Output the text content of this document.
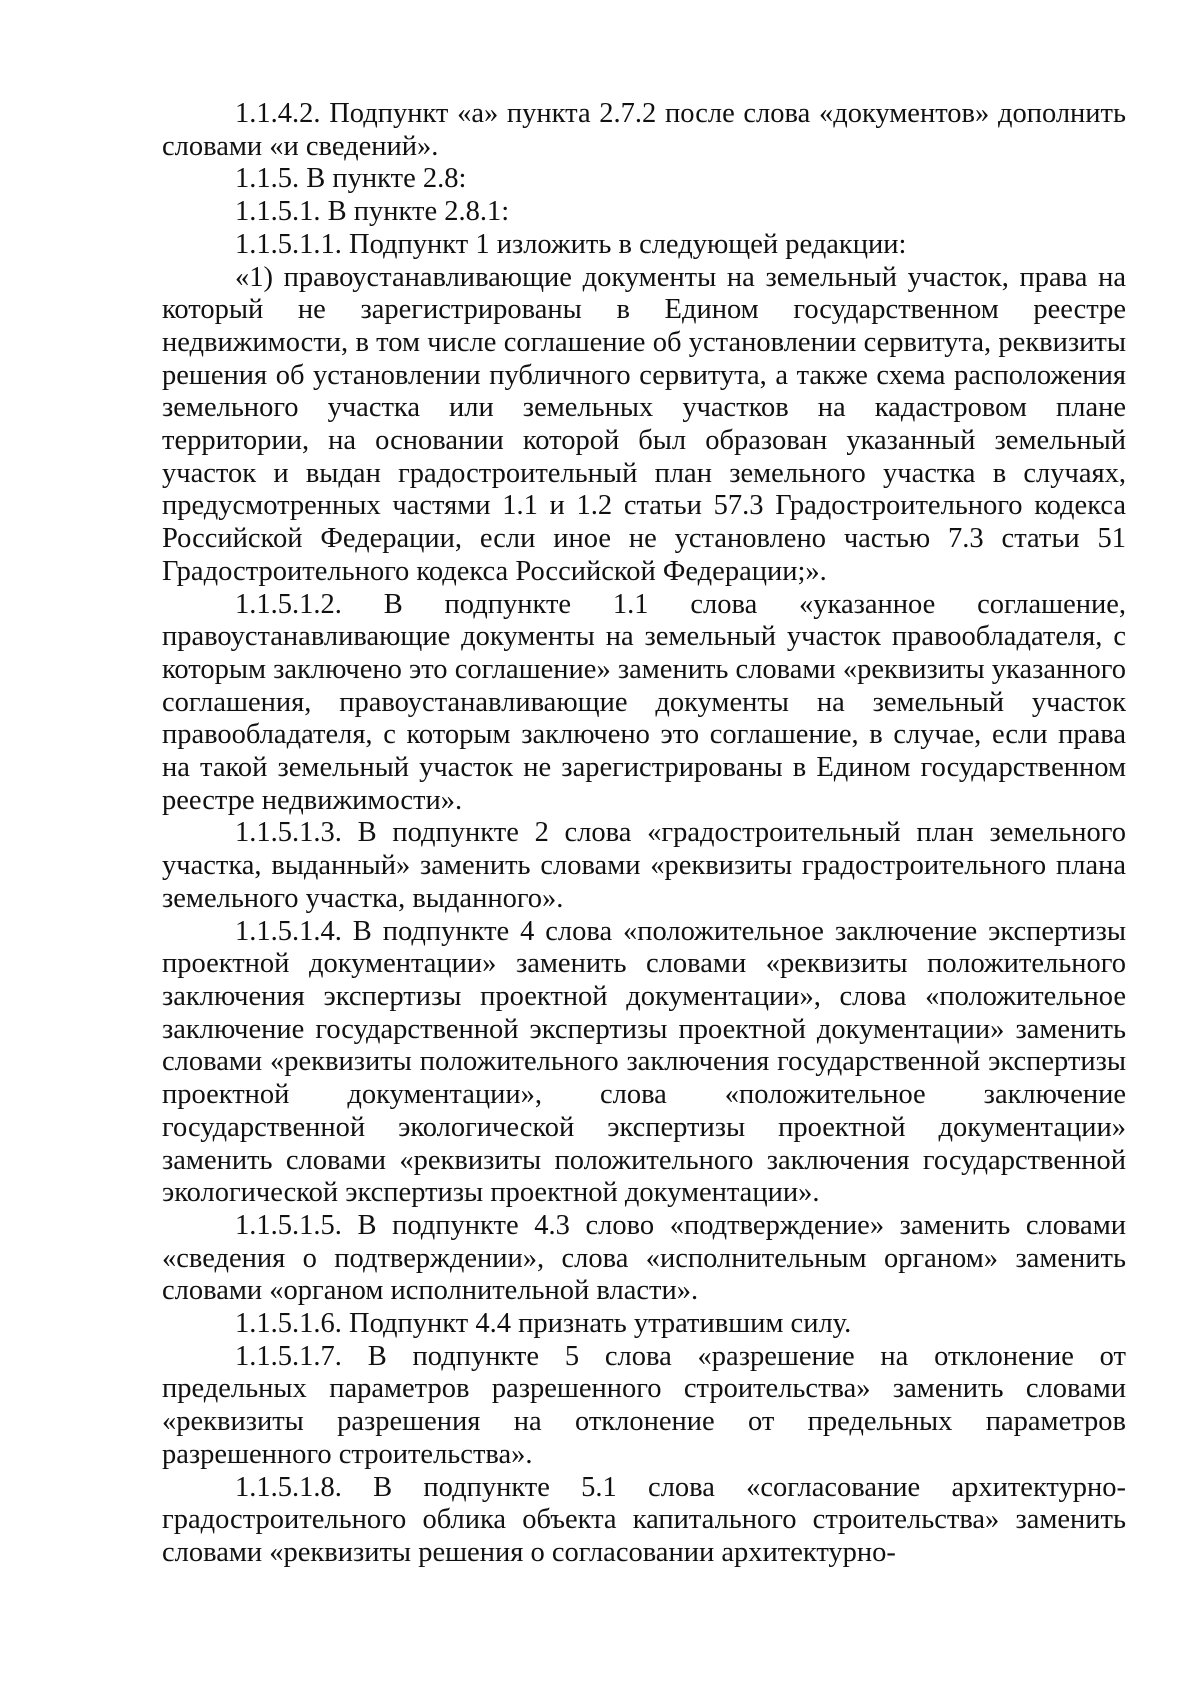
1.1.4.2. Подпункт «а» пункта 2.7.2 после слова «документов» дополнить словами «и сведений».

1.1.5. В пункте 2.8:

1.1.5.1. В пункте 2.8.1:

1.1.5.1.1. Подпункт 1 изложить в следующей редакции:

«1) правоустанавливающие документы на земельный участок, права на который не зарегистрированы в Едином государственном реестре недвижимости, в том числе соглашение об установлении сервитута, реквизиты решения об установлении публичного сервитута, а также схема расположения земельного участка или земельных участков на кадастровом плане территории, на основании которой был образован указанный земельный участок и выдан градостроительный план земельного участка в случаях, предусмотренных частями 1.1 и 1.2 статьи 57.3 Градостроительного кодекса Российской Федерации, если иное не установлено частью 7.3 статьи 51 Градостроительного кодекса Российской Федерации;».

1.1.5.1.2. В подпункте 1.1 слова «указанное соглашение, правоустанавливающие документы на земельный участок правообладателя, с которым заключено это соглашение» заменить словами «реквизиты указанного соглашения, правоустанавливающие документы на земельный участок правообладателя, с которым заключено это соглашение, в случае, если права на такой земельный участок не зарегистрированы в Едином государственном реестре недвижимости».

1.1.5.1.3. В подпункте 2 слова «градостроительный план земельного участка, выданный» заменить словами «реквизиты градостроительного плана земельного участка, выданного».

1.1.5.1.4. В подпункте 4 слова «положительное заключение экспертизы проектной документации» заменить словами «реквизиты положительного заключения экспертизы проектной документации», слова «положительное заключение государственной экспертизы проектной документации» заменить словами «реквизиты положительного заключения государственной экспертизы проектной документации», слова «положительное заключение государственной экологической экспертизы проектной документации» заменить словами «реквизиты положительного заключения государственной экологической экспертизы проектной документации».

1.1.5.1.5. В подпункте 4.3 слово «подтверждение» заменить словами «сведения о подтверждении», слова «исполнительным органом» заменить словами «органом исполнительной власти».

1.1.5.1.6. Подпункт 4.4 признать утратившим силу.

1.1.5.1.7. В подпункте 5 слова «разрешение на отклонение от предельных параметров разрешенного строительства» заменить словами «реквизиты разрешения на отклонение от предельных параметров разрешенного строительства».

1.1.5.1.8. В подпункте 5.1 слова «согласование архитектурно-градостроительного облика объекта капитального строительства» заменить словами «реквизиты решения о согласовании архитектурно-
